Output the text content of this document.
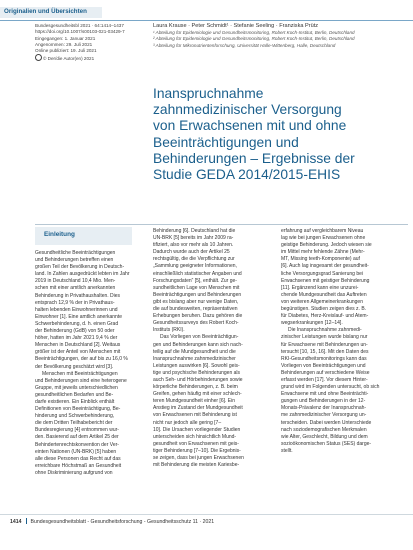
Originalien und Übersichten
Bundesgesundheitsbl 2021 · 64:1414–1437
https://doi.org/10.1007/s00103-021-03429-7
Eingegangen: 1. Januar 2021
Angenommen: 29. Juli 2021
Online publiziert: 19. Juli 2021
© Der/die Autor(en) 2021
Laura Krause · Peter Schmidt¹ · Stefanie Seeling · Franziska Prütz
¹ Abteilung für Epidemiologie und Gesundheitsmonitoring, Robert Koch-Institut, Berlin, Deutschland
² Abteilung für Epidemiologie und Gesundheitsmonitoring, Robert Koch-Institut, Berlin, Deutschland
³ Abteilung für Mikronutrientenforschung, Universität Halle-Wittenberg, Halle, Deutschland
Inanspruchnahme
zahnmedizinischer Versorgung
von Erwachsenen mit und ohne
Beeinträchtigungen und
Behinderungen – Ergebnisse der
Studie GEDA 2014/2015-EHIS
Einleitung
Gesundheitliche Beeinträchtigungen
und Behinderungen betreffen einen
großen Teil der Bevölkerung in Deutsch-
land. In Zahlen ausgedrückt lebten im Jahr
2019 in Deutschland 10,4 Mio. Men-
schen mit einer amtlich anerkannten
Behinderung in Privathaushalten. Dies
entsprach 12,9 % der in Privathaus-
halten lebenden Einwohnerinnen und
Einwohner [1]. Eine amtlich anerkannte
Schwerbehinderung, d. h. einen Grad
der Behinderung (GdB) von 50 oder
höher, hatten im Jahr 2021 9,4 % der
Menschen in Deutschland [2]. Weitaus
größer ist der Anteil von Menschen mit
Beeinträchtigungen, der auf bis zu 16,0 %
der Bevölkerung geschätzt wird [3].
Menschen mit Beeinträchtigungen
und Behinderungen sind eine heterogene
Gruppe, mit jeweils unterschiedlichen
gesundheitlichen Bedarfen und Be-
darfe existieren. Ein Einblick enthält
Definitionen von Beeinträchtigung, Be-
hinderung und Schwerbehinderung,
die dem Dritten Teilhabebericht der
Bundesregierung [4] entnommen wur-
den. Basierend auf dem Artikel 25 der
Behindertenrechtskonvention der Ver-
einten Nationen (UN-BRK) [5] haben
alle diese Personen das Recht auf das
erreichbare Höchstmaß an Gesundheit
ohne Diskriminierung aufgrund von
Behinderung [6]. Deutschland hat die
UN-BRK [5] bereits im Jahr 2009 ra-
tifiziert, also vor mehr als 10 Jahren.
Dadurch wurde auch der Artikel 25
rechtsgültig, die die Verpflichtung zur
„Sammlung geeigneter Informationen,
einschließlich statistischer Angaben und
Forschungsdaten“ [5], enthält. Zur ge-
sundheitlichen Lage von Menschen mit
Beeinträchtigungen und Behinderungen
gibt es bislang aber nur wenige Daten,
die auf bundesweiten, repräsentativen
Erhebungen beruhen. Dazu gehören die
Gesundheitssurveys des Robert Koch-
Instituts (RKI).
Das Vorliegen von Beeinträchtigun-
gen und Behinderungen kann sich nach-
teilig auf die Mundgesundheit und die
Inanspruchnahme zahnmedizinischer
Leistungen auswirken [6]. Sowohl geis-
tige und psychische Behinderungen als
auch Seh- und Hörbehinderungen sowie
körperliche Behinderungen, z. B. beim
Greifen, gehen häufig mit einer schlech-
teren Mundgesundheit einher [6]. Ein
Anstieg im Zustand der Mundgesundheit
von Erwachsenen mit Behinderung ist
nicht nur jedoch alle gering [7–
10]. Die Ursachen vorliegender Studien
unterscheiden sich hinsichtlich Mund-
gesundheit von Erwachsenen mit geis-
tiger Behinderung [7–10]. Die Ergebnis-
se zeigen, dass bei jungen Erwachsenen
mit Behinderung die meisten Kariesbe-
erfahrung auf vergleichbarem Niveau
lag wie bei jungen Erwachsenen ohne
geistige Behinderung. Jedoch wiesen sie
im Mittel mehr fehlende Zähne (Mehr-
MT, Missing teeth-Komponente) auf
[6]. Auch lag insgesamt der gesundheit-
liche Versorgungsgrad Sanierung bei
Erwachsenen mit geistiger Behinderung
[11]. Ergänzend kann eine unzurei-
chende Mundgesundheit das Auftreten
von weiteren Allgemeinerkrankungen
begünstigen. Studien zeigen dies z. B.
für Diabetes, Herz-Kreislauf- und Atem-
wegserkrankungen [12–14].
Die Inanspruchnahme zahnmedi-
zinischer Leistungen wurde bislang nur
für Erwachsene mit Behinderungen un-
tersucht [10, 15, 16]. Mit den Daten des
RKI-Gesundheitsmonitorings kann das
Vorliegen von Beeinträchtigungen und
Behinderungen auf verschiedene Weise
erfasst werden [17]. Vor diesem Hinter-
grund wird im Folgenden untersucht, ob sich
Erwachsene mit und ohne Beeinträchti-
gungen und Behinderungen in der 12-
Monats-Prävalenz der Inanspruchnah-
me zahnmedizinischer Versorgung un-
terscheiden. Dabei werden Unterschiede
nach soziodemografischen Merkmalen
wie Alter, Geschlecht, Bildung und dem
sozioökonomischen Status (SES) darge-
stellt.
1414 Bundesgesundheitsblatt - Gesundheitsforschung - Gesundheitsschutz 11 · 2021
